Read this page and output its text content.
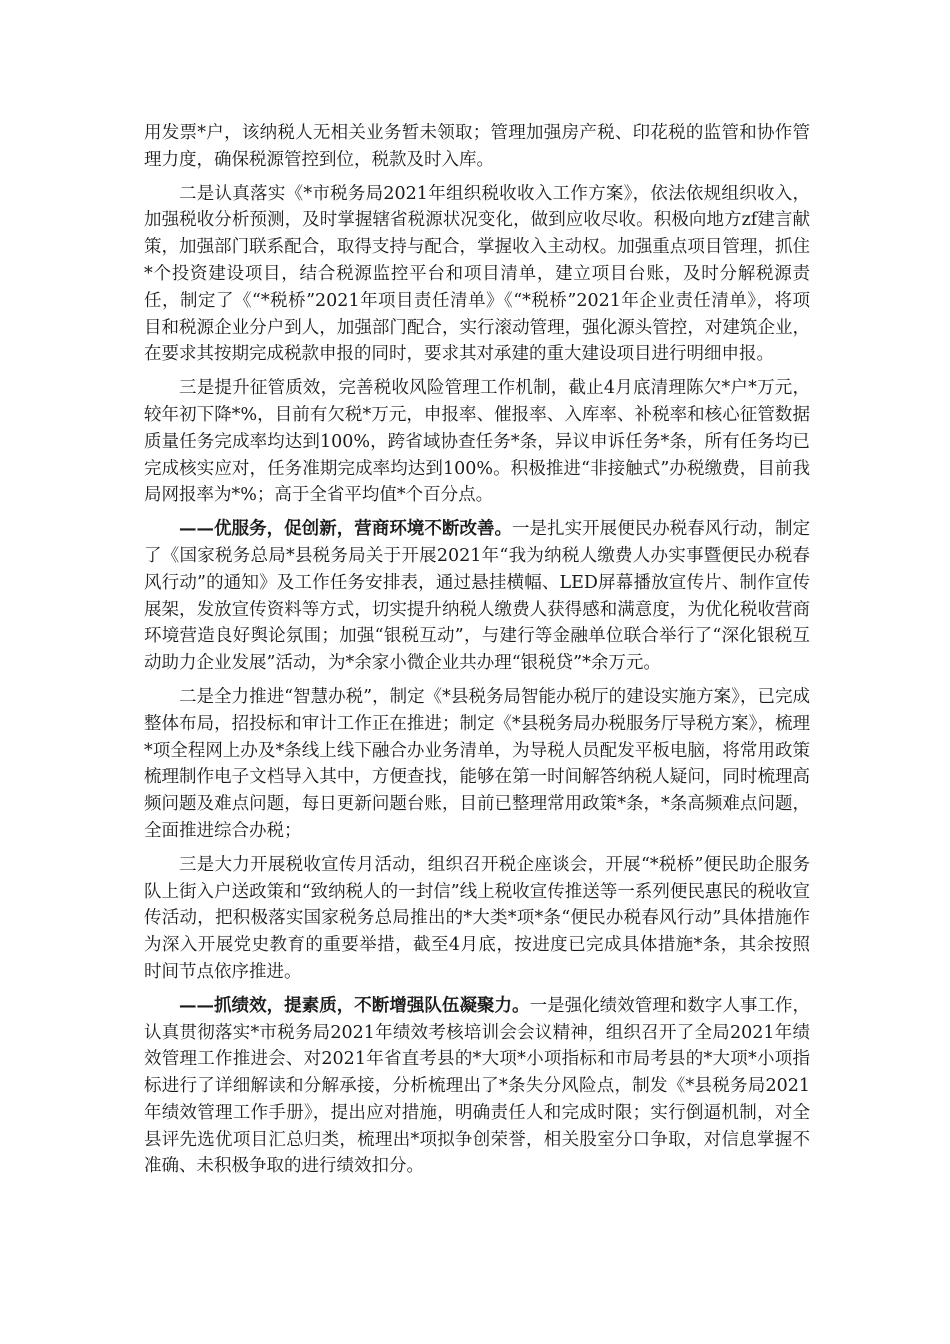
用发票*户，该纳税人无相关业务暂未领取；管理加强房产税、印花税的监管和协作管理力度，确保税源管控到位，税款及时入库。

二是认真落实《*市税务局2021年组织税收收入工作方案》，依法依规组织收入，加强税收分析预测，及时掌握辖省税源状况变化，做到应收尽收。积极向地方zf建言献策，加强部门联系配合，取得支持与配合，掌握收入主动权。加强重点项目管理，抓住*个投资建设项目，结合税源监控平台和项目清单，建立项目台账，及时分解税源责任，制定了《“*税桥”2021年项目责任清单》《“*税桥”2021年企业责任清单》，将项目和税源企业分户到人，加强部门配合，实行滚动管理，强化源头管控，对建筑企业，在要求其按期完成税款申报的同时，要求其对承建的重大建设项目进行明细申报。

三是提升征管质效，完善税收风险管理工作机制，截止4月底清理陈欠*户*万元，较年初下降*%，目前有欠税*万元，申报率、催报率、入库率、补税率和核心征管数据质量任务完成率均达到100%，跨省域协查任务*条，异议申诉任务*条，所有任务均已完成核实应对，任务准期完成率均达到100%。积极推进“非接触式”办税缴费，目前我局网报率为*%；高于全省平均值*个百分点。

——优服务，促创新，营商环境不断改善。一是扎实开展便民办税春风行动，制定了《国家税务总局*县税务局关于开展2021年“我为纳税人缴费人办实事暨便民办税春风行动”的通知》及工作任务安排表，通过悬挂横幅、LED屏幕播放宣传片、制作宣传展架，发放宣传资料等方式，切实提升纳税人缴费人获得感和满意度，为优化税收营商环境营造良好舆论氛围；加强“银税互动”，与建行等金融单位联合举行了“深化银税互动助力企业发展”活动，为*余家小微企业共办理“银税贷”*余万元。

二是全力推进“智慧办税”，制定《*县税务局智能办税厅的建设实施方案》，已完成整体布局，招投标和审计工作正在推进；制定《*县税务局办税服务厅导税方案》，梳理*项全程网上办及*条线上线下融合办业务清单，为导税人员配发平板电脑，将常用政策梳理制作电子文档导入其中，方便查找，能够在第一时间解答纳税人疑问，同时梳理高频问题及难点问题，每日更新问题台账，目前已整理常用政策*条，*条高频难点问题，全面推进综合办税；

三是大力开展税收宣传月活动，组织召开税企座谈会，开展“*税桥”便民助企服务队上街入户送政策和“致纳税人的一封信”线上税收宣传推送等一系列便民惠民的税收宣传活动，把积极落实国家税务总局推出的*大类*项*条“便民办税春风行动”具体措施作为深入开展党史教育的重要举措，截至4月底，按进度已完成具体措施*条，其余按照时间节点依序推进。

——抓绩效，提素质，不断增强队伍凝聚力。一是强化绩效管理和数字人事工作，认真贯彻落实*市税务局2021年绩效考核培训会会议精神，组织召开了全局2021年绩效管理工作推进会、对2021年省直考县的*大项*小项指标和市局考县的*大项*小项指标进行了详细解读和分解承接，分析梳理出了*条失分风险点，制发《*县税务局2021年绩效管理工作手册》，提出应对措施，明确责任人和完成时限；实行倒逼机制，对全县评先选优项目汇总归类，梳理出*项拟争创荣誉，相关股室分口争取，对信息掌握不准确、未积极争取的进行绩效扣分。
